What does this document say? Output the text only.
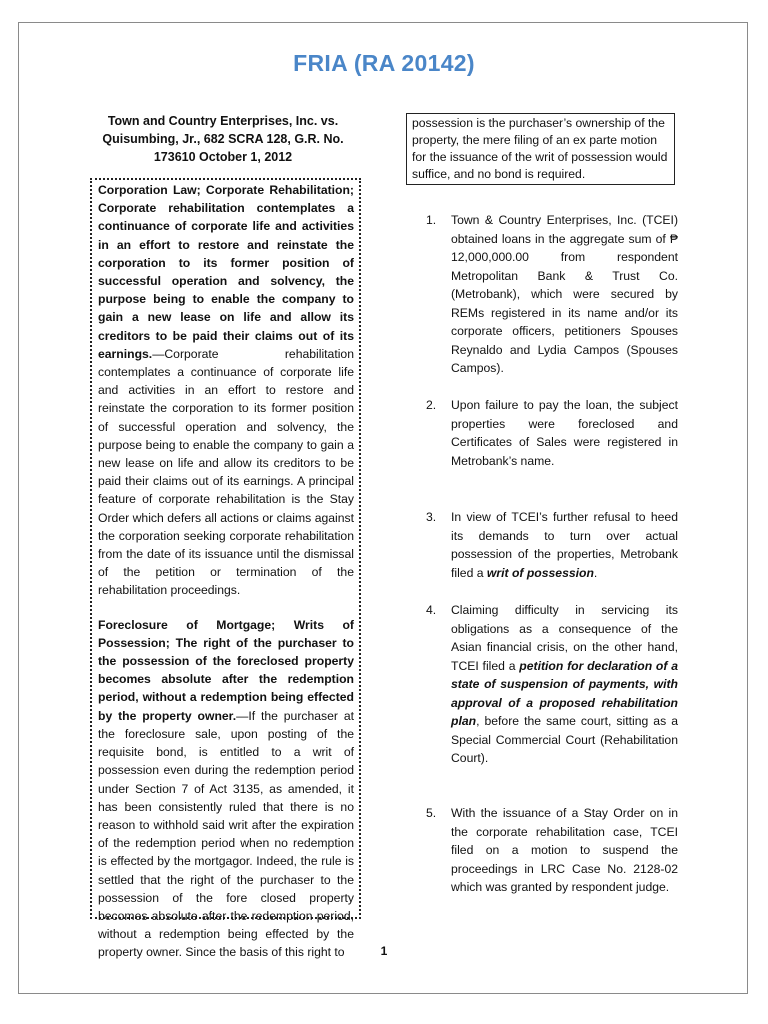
FRIA (RA 20142)
Town and Country Enterprises, Inc. vs.
Quisumbing, Jr., 682 SCRA 128, G.R. No.
173610 October 1, 2012

Corporation Law; Corporate Rehabilitation; Corporate rehabilitation contemplates a continuance of corporate life and activities in an effort to restore and reinstate the corporation to its former position of successful operation and solvency, the purpose being to enable the company to gain a new lease on life and allow its creditors to be paid their claims out of its earnings.—Corporate rehabilitation contemplates a continuance of corporate life and activities in an effort to restore and reinstate the corporation to its former position of successful operation and solvency, the purpose being to enable the company to gain a new lease on life and allow its creditors to be paid their claims out of its earnings. A principal feature of corporate rehabilitation is the Stay Order which defers all actions or claims against the corporation seeking corporate rehabilitation from the date of its issuance until the dismissal of the petition or termination of the rehabilitation proceedings.

Foreclosure of Mortgage; Writs of Possession; The right of the purchaser to the possession of the foreclosed property becomes absolute after the redemption period, without a redemption being effected by the property owner.—If the purchaser at the foreclosure sale, upon posting of the requisite bond, is entitled to a writ of possession even during the redemption period under Section 7 of Act 3135, as amended, it has been consistently ruled that there is no reason to withhold said writ after the expiration of the redemption period when no redemption is effected by the mortgagor. Indeed, the rule is settled that the right of the purchaser to the possession of the fore closed property becomes absolute after the redemption period, without a redemption being effected by the property owner. Since the basis of this right to

possession is the purchaser’s ownership of the property, the mere filing of an ex parte motion for the issuance of the writ of possession would suffice, and no bond is required.
1. Town & Country Enterprises, Inc. (TCEI) obtained loans in the aggregate sum of ₱ 12,000,000.00 from respondent Metropolitan Bank & Trust Co. (Metrobank), which were secured by REMs registered in its name and/or its corporate officers, petitioners Spouses Reynaldo and Lydia Campos (Spouses Campos).
2. Upon failure to pay the loan, the subject properties were foreclosed and Certificates of Sales were registered in Metrobank’s name.
3. In view of TCEI’s further refusal to heed its demands to turn over actual possession of the properties, Metrobank filed a writ of possession.
4. Claiming difficulty in servicing its obligations as a consequence of the Asian financial crisis, on the other hand, TCEI filed a petition for declaration of a state of suspension of payments, with approval of a proposed rehabilitation plan, before the same court, sitting as a Special Commercial Court (Rehabilitation Court).
5. With the issuance of a Stay Order on in the corporate rehabilitation case, TCEI filed on a motion to suspend the proceedings in LRC Case No. 2128-02 which was granted by respondent judge.
1
